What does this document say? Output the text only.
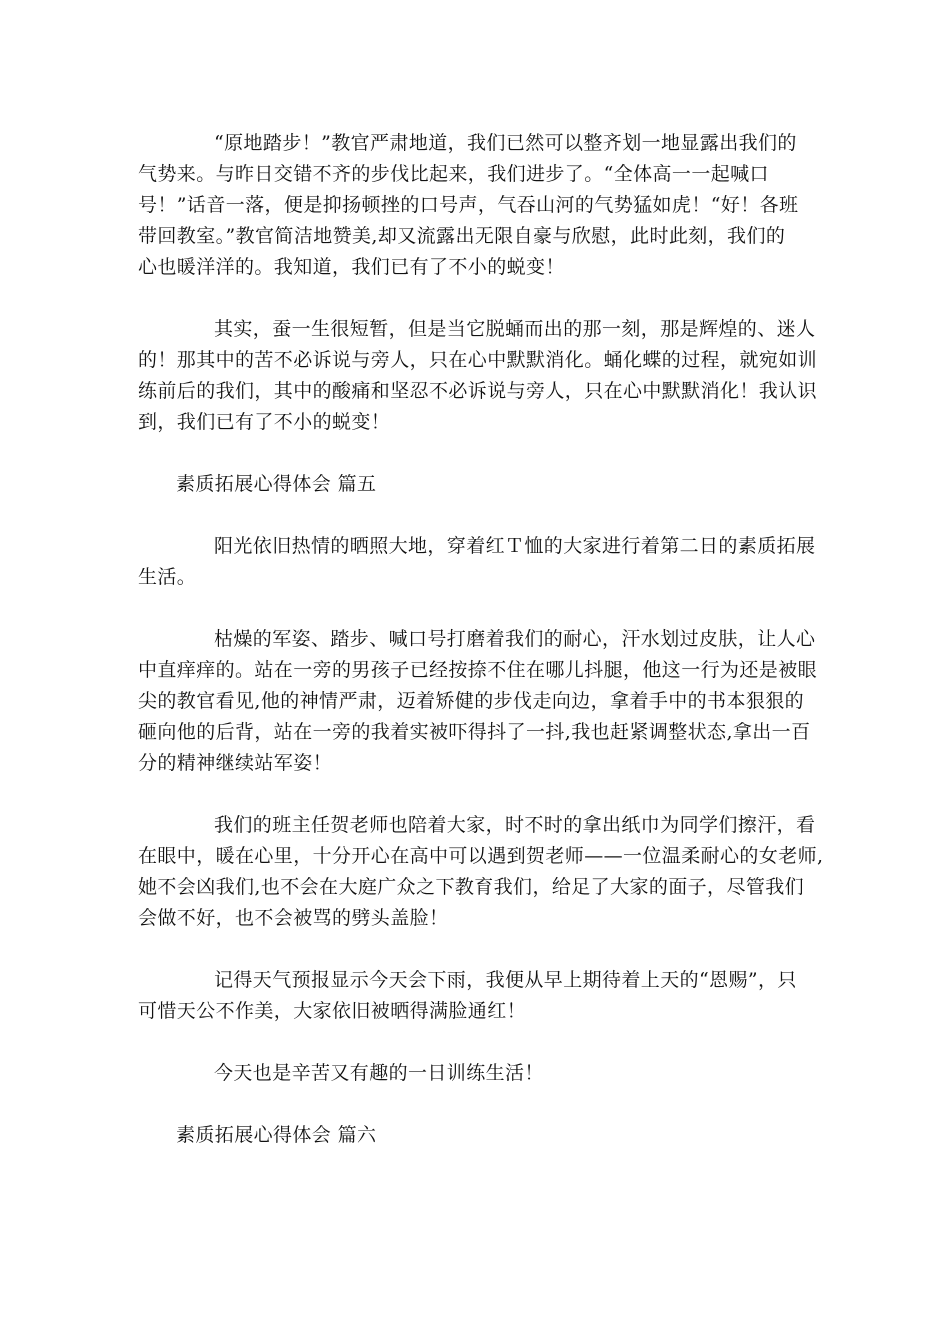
“原地踏步！”教官严肃地道，我们已然可以整齐划一地显露出我们的
气势来。与昨日交错不齐的步伐比起来，我们进步了。“全体高一一起喊口
号！”话音一落，便是抑扬顿挫的口号声，气吞山河的气势猛如虎！“好！各班
带回教室。”教官简洁地赞美,却又流露出无限自豪与欣慰，此时此刻，我们的
心也暖洋洋的。我知道，我们已有了不小的蜕变！
其实，蚕一生很短暂，但是当它脱蛹而出的那一刻，那是辉煌的、迷人
的！那其中的苦不必诉说与旁人，只在心中默默消化。蛹化蝶的过程，就宛如训
练前后的我们，其中的酸痛和坚忍不必诉说与旁人，只在心中默默消化！我认识
到，我们已有了不小的蜕变！
素质拓展心得体会 篇五
阳光依旧热情的晒照大地，穿着红Ｔ恤的大家进行着第二日的素质拓展
生活。
枯燥的军姿、踏步、喊口号打磨着我们的耐心，汗水划过皮肤，让人心
中直痒痒的。站在一旁的男孩子已经按捺不住在哪儿抖腿，他这一行为还是被眼
尖的教官看见,他的神情严肃，迈着矫健的步伐走向边，拿着手中的书本狠狠的
砸向他的后背，站在一旁的我着实被吓得抖了一抖,我也赶紧调整状态,拿出一百
分的精神继续站军姿！
我们的班主任贺老师也陪着大家，时不时的拿出纸巾为同学们擦汗，看
在眼中，暖在心里，十分开心在高中可以遇到贺老师——一位温柔耐心的女老师,
她不会凶我们,也不会在大庭广众之下教育我们，给足了大家的面子，尽管我们
会做不好，也不会被骂的劈头盖脸！
记得天气预报显示今天会下雨，我便从早上期待着上天的“恩赐”，只
可惜天公不作美，大家依旧被晒得满脸通红！
今天也是辛苦又有趣的一日训练生活！
素质拓展心得体会 篇六
